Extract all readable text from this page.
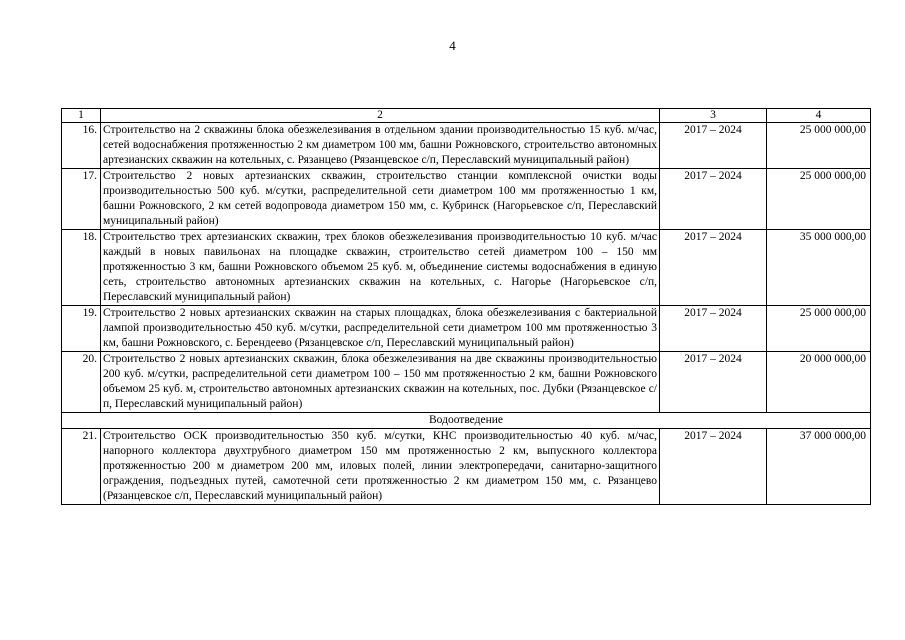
4
1	2	3	4
16.	Строительство на 2 скважины блока обезжелезивания в отдельном здании производительностью 15 куб. м/час, сетей водоснабжения протяженностью 2 км диаметром 100 мм, башни Рожновского, строительство автономных артезианских скважин на котельных, с. Рязанцево (Рязанцевское с/п, Переславский муниципальный район)	2017 – 2024	25 000 000,00
17.	Строительство 2 новых артезианских скважин, строительство станции комплексной очистки воды производительностью 500 куб. м/сутки, распределительной сети диаметром 100 мм протяженностью 1 км, башни Рожновского, 2 км сетей водопровода диаметром 150 мм, с. Кубринск (Нагорьевское с/п, Переславский муниципальный район)	2017 – 2024	25 000 000,00
18.	Строительство трех артезианских скважин, трех блоков обезжелезивания производительностью 10 куб. м/час каждый в новых павильонах на площадке скважин, строительство сетей диаметром 100 – 150 мм протяженностью 3 км, башни Рожновского объемом 25 куб. м, объединение системы водоснабжения в единую сеть, строительство автономных артезианских скважин на котельных, с. Нагорье (Нагорьевское с/п, Переславский муниципальный район)	2017 – 2024	35 000 000,00
19.	Строительство 2 новых артезианских скважин на старых площадках, блока обезжелезивания с бактериальной лампой производительностью 450 куб. м/сутки, распределительной сети диаметром 100 мм протяженностью 3 км, башни Рожновского, с. Берендеево (Рязанцевское с/п, Переславский муниципальный район)	2017 – 2024	25 000 000,00
20.	Строительство 2 новых артезианских скважин, блока обезжелезивания на две скважины производительностью 200 куб. м/сутки, распределительной сети диаметром 100 – 150 мм протяженностью 2 км, башни Рожновского объемом 25 куб. м, строительство автономных артезианских скважин на котельных, пос. Дубки (Рязанцевское с/п, Переславский муниципальный район)	2017 – 2024	20 000 000,00
Водоотведение			
21.	Строительство ОСК производительностью 350 куб. м/сутки, КНС производительностью 40 куб. м/час, напорного коллектора двухтрубного диаметром 150 мм протяженностью 2 км, выпускного коллектора протяженностью 200 м диаметром 200 мм, иловых полей, линии электропередачи, санитарно-защитного ограждения, подъездных путей, самотечной сети протяженностью 2 км диаметром 150 мм, с. Рязанцево (Рязанцевское с/п, Переславский муниципальный район)	2017 – 2024	37 000 000,00
